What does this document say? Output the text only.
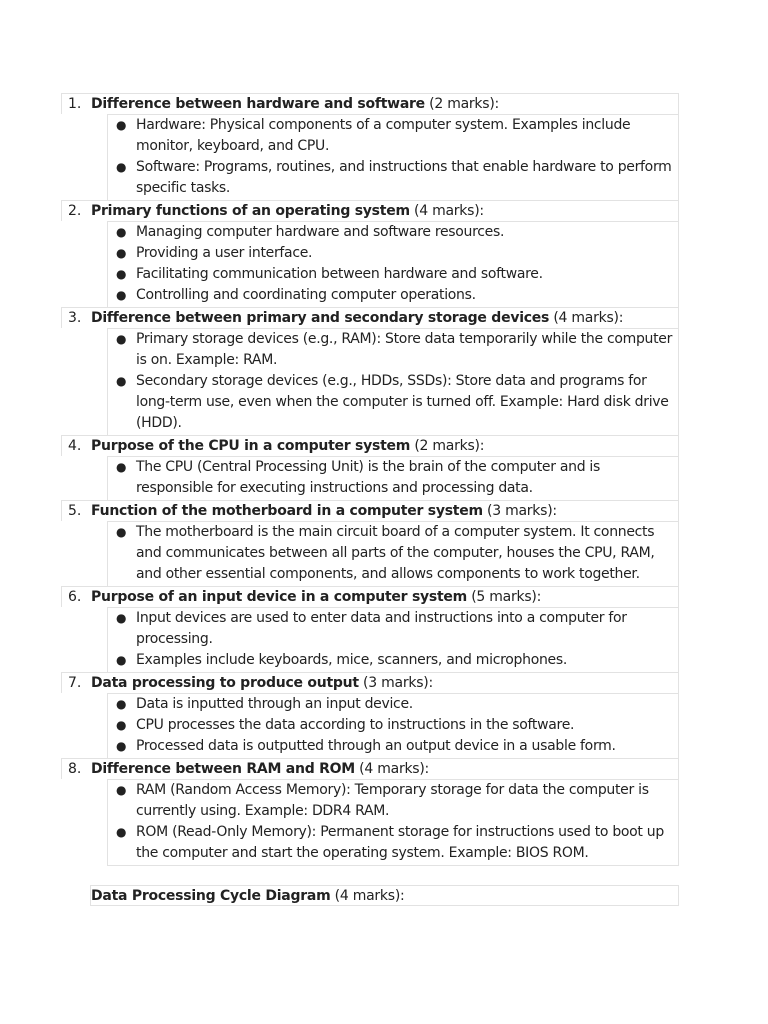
1. Difference between hardware and software (2 marks):
● Hardware: Physical components of a computer system. Examples include monitor, keyboard, and CPU.
● Software: Programs, routines, and instructions that enable hardware to perform specific tasks.
2. Primary functions of an operating system (4 marks):
● Managing computer hardware and software resources.
● Providing a user interface.
● Facilitating communication between hardware and software.
● Controlling and coordinating computer operations.
3. Difference between primary and secondary storage devices (4 marks):
● Primary storage devices (e.g., RAM): Store data temporarily while the computer is on. Example: RAM.
● Secondary storage devices (e.g., HDDs, SSDs): Store data and programs for long-term use, even when the computer is turned off. Example: Hard disk drive (HDD).
4. Purpose of the CPU in a computer system (2 marks):
● The CPU (Central Processing Unit) is the brain of the computer and is responsible for executing instructions and processing data.
5. Function of the motherboard in a computer system (3 marks):
● The motherboard is the main circuit board of a computer system. It connects and communicates between all parts of the computer, houses the CPU, RAM, and other essential components, and allows components to work together.
6. Purpose of an input device in a computer system (5 marks):
● Input devices are used to enter data and instructions into a computer for processing.
● Examples include keyboards, mice, scanners, and microphones.
7. Data processing to produce output (3 marks):
● Data is inputted through an input device.
● CPU processes the data according to instructions in the software.
● Processed data is outputted through an output device in a usable form.
8. Difference between RAM and ROM (4 marks):
● RAM (Random Access Memory): Temporary storage for data the computer is currently using. Example: DDR4 RAM.
● ROM (Read-Only Memory): Permanent storage for instructions used to boot up the computer and start the operating system. Example: BIOS ROM.
Data Processing Cycle Diagram (4 marks):
